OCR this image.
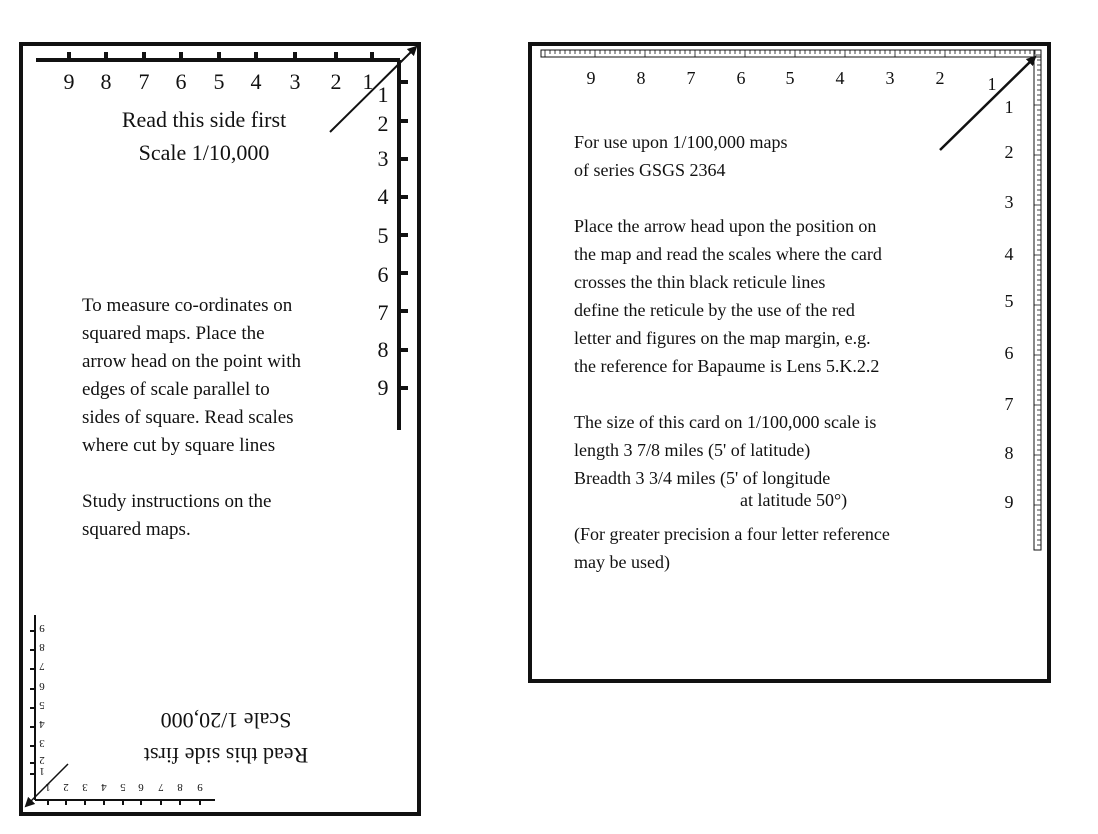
9 8 7 6 5 4 3 2 1
1
2
3
4
5
6
7
8
9
Read this side first
Scale 1/10,000
To measure co-ordinates on
squared maps. Place the
arrow head on the point with
edges of scale parallel to
sides of square. Read scales
where cut by square lines
Study instructions on the
squared maps.
Scale 1/20,000
Read this side first
1
2
3
4
5
6
7
8
9
9
8
7
6
5
4
3
2
1
9 8 7 6 5 4 3 2 1
1
2
3
4
5
6
7
8
9
For use upon 1/100,000 maps
of series GSGS 2364
Place the arrow head upon the position on
the map and read the scales where the card
crosses the thin black reticule lines
define the reticule by the use of the red
letter and figures on the map margin, e.g.
the reference for Bapaume is Lens 5.K.2.2
The size of this card on 1/100,000 scale is
length 3 7/8 miles (5' of latitude)
Breadth 3 3/4 miles (5' of longitude
at latitude 50°)
(For greater precision a four letter reference
may be used)
